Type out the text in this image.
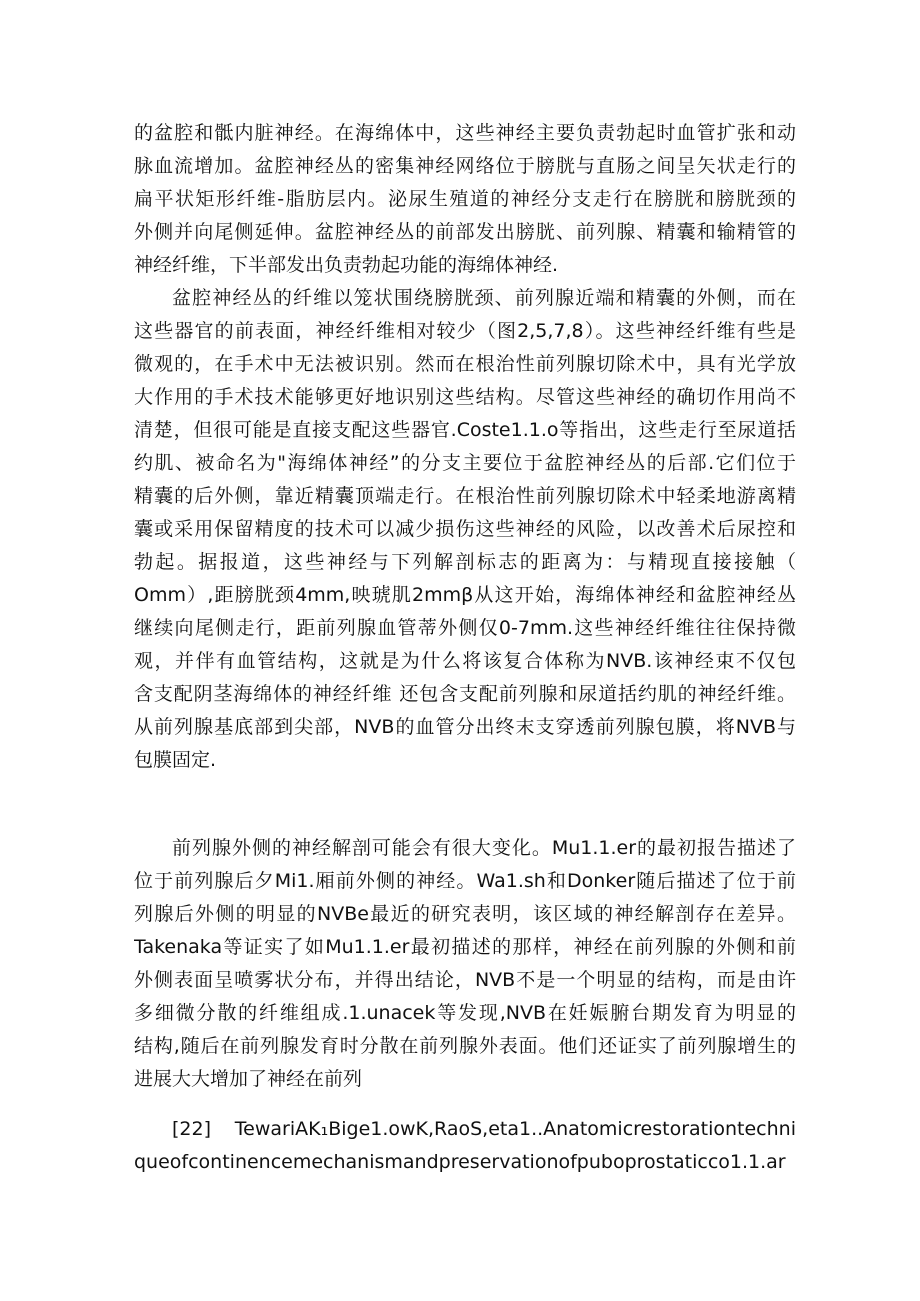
的盆腔和骶内脏神经。在海绵体中，这些神经主要负责勃起时血管扩张和动
脉血流增加。盆腔神经丛的密集神经网络位于膀胱与直肠之间呈矢状走行的
扁平状矩形纤维-脂肪层内。泌尿生殖道的神经分支走行在膀胱和膀胱颈的
外侧并向尾侧延伸。盆腔神经丛的前部发出膀胱、前列腺、精囊和输精管的
神经纤维，下半部发出负责勃起功能的海绵体神经.
盆腔神经丛的纤维以笼状围绕膀胱颈、前列腺近端和精囊的外侧，而在
这些器官的前表面，神经纤维相对较少（图2,5,7,8）。这些神经纤维有些是
微观的，在手术中无法被识别。然而在根治性前列腺切除术中，具有光学放
大作用的手术技术能够更好地识别这些结构。尽管这些神经的确切作用尚不
清楚，但很可能是直接支配这些器官.Coste1.1.o等指出，这些走行至尿道括
约肌、被命名为"海绵体神经”的分支主要位于盆腔神经丛的后部.它们位于
精囊的后外侧，靠近精囊顶端走行。在根治性前列腺切除术中轻柔地游离精
囊或采用保留精度的技术可以减少损伤这些神经的风险，以改善术后尿控和
勃起。据报道，这些神经与下列解剖标志的距离为：与精现直接接触（
Omm）,距膀胱颈4mm,映琥肌2mmβ从这开始，海绵体神经和盆腔神经丛
继续向尾侧走行，距前列腺血管蒂外侧仅0-7mm.这些神经纤维往往保持微
观，并伴有血管结构，这就是为什么将该复合体称为NVB.该神经束不仅包
含支配阴茎海绵体的神经纤维 还包含支配前列腺和尿道括约肌的神经纤维。
从前列腺基底部到尖部，NVB的血管分出终末支穿透前列腺包膜，将NVB与
包膜固定.
前列腺外侧的神经解剖可能会有很大变化。Mu1.1.er的最初报告描述了
位于前列腺后夕Mi1.厢前外侧的神经。Wa1.sh和Donker随后描述了位于前
列腺后外侧的明显的NVBe最近的研究表明，该区域的神经解剖存在差异。
Takenaka等证实了如Mu1.1.er最初描述的那样，神经在前列腺的外侧和前
外侧表面呈喷雾状分布，并得出结论，NVB不是一个明显的结构，而是由许
多细微分散的纤维组成.1.unacek等发现,NVB在妊娠腑台期发育为明显的
结构,随后在前列腺发育时分散在前列腺外表面。他们还证实了前列腺增生的
进展大大增加了神经在前列
[22] TewariAK₁Bige1.owK,RaoS,eta1..Anatomicrestorationtechni
queofcontinencemechanismandpreservationofpuboprostaticco1.1.ar
